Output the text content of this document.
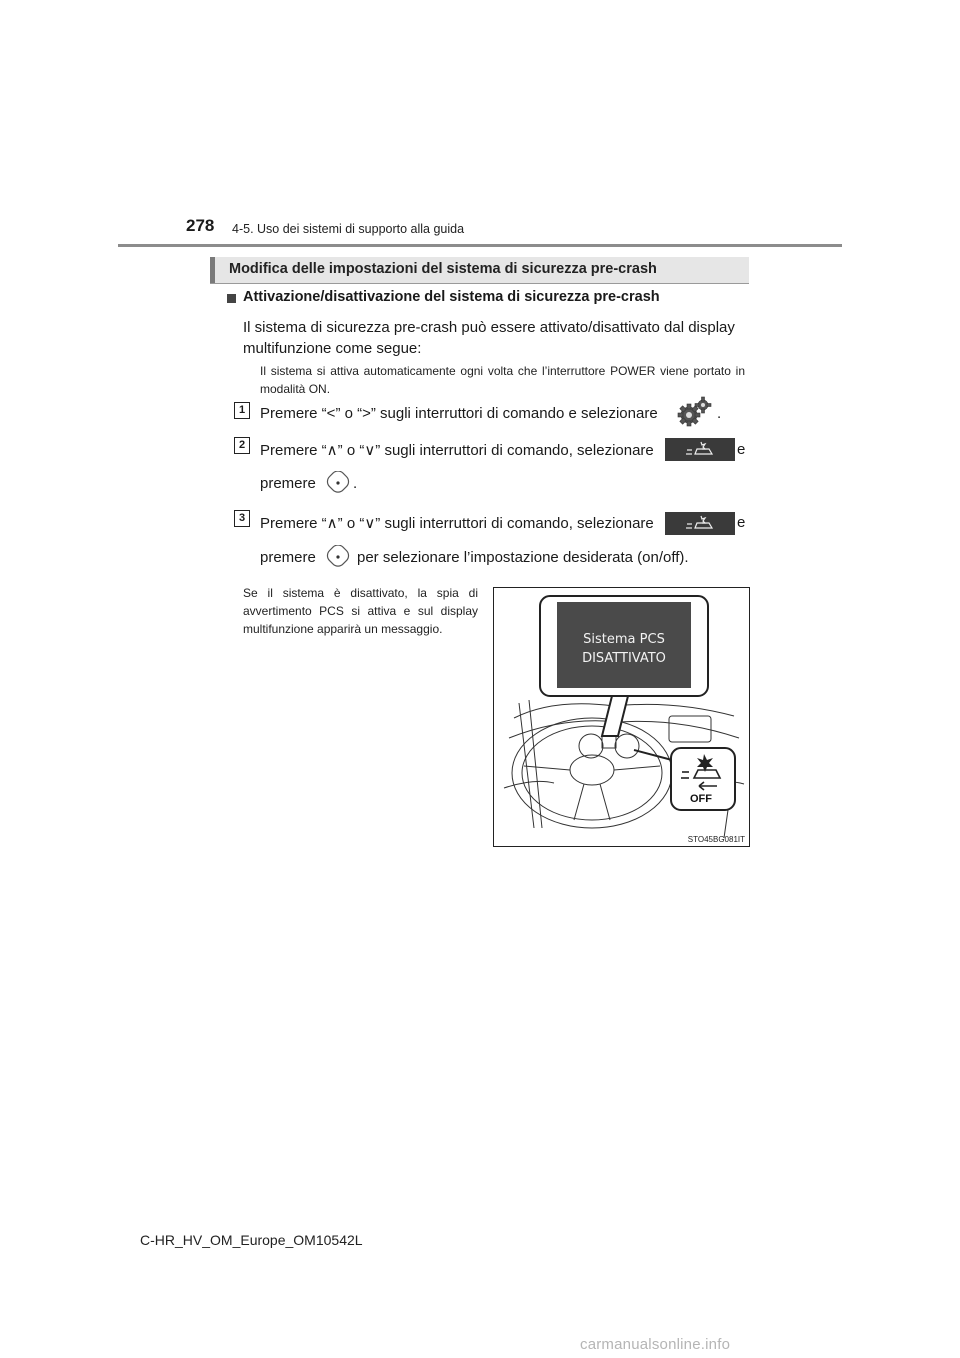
278 4-5. Uso dei sistemi di supporto alla guida
Modifica delle impostazioni del sistema di sicurezza pre-crash
Attivazione/disattivazione del sistema di sicurezza pre-crash
Il sistema di sicurezza pre-crash può essere attivato/disattivato dal display multifunzione come segue:
Il sistema si attiva automaticamente ogni volta che l’interruttore POWER viene portato in modalità ON.
1 Premere “<” o “>” sugli interruttori di comando e selezionare	.
2 Premere “∧” o “∨” sugli interruttori di comando, selezionare	e
premere .
3 Premere “∧” o “∨” sugli interruttori di comando, selezionare	e
premere	per selezionare l’impostazione desiderata (on/off).
Se il sistema è disattivato, la spia di avvertimento PCS si attiva e sul display multifunzione apparirà un messaggio.
Sistema PCS
DISATTIVATO
OFF
STO45BG081IT
C-HR_HV_OM_Europe_OM10542L
carmanualsonline.info
